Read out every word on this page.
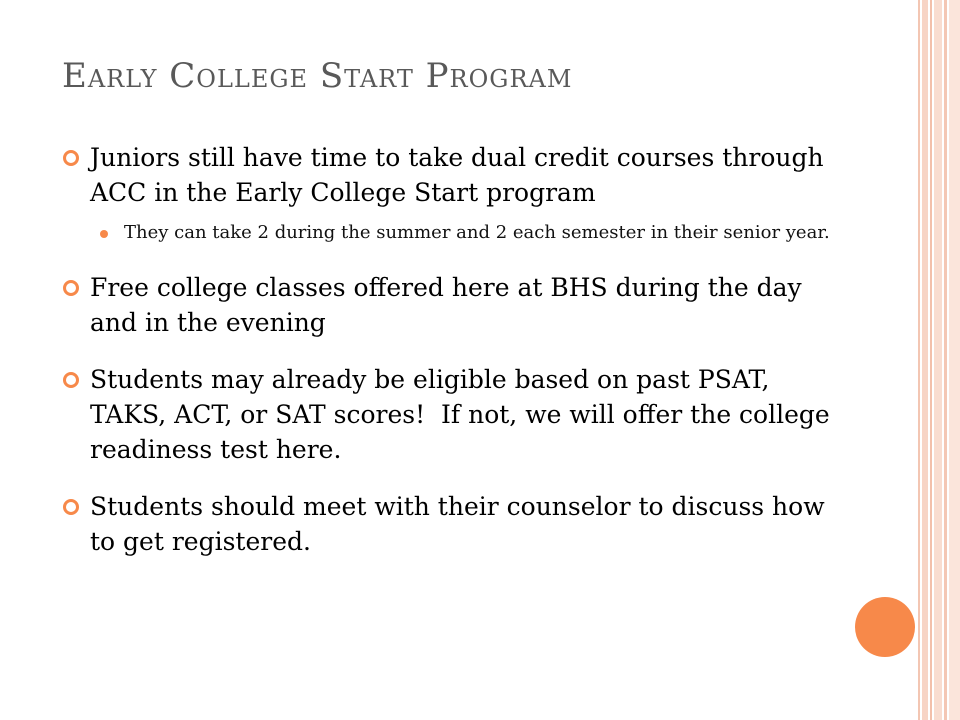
Early College Start Program
Juniors still have time to take dual credit courses through ACC in the Early College Start program
They can take 2 during the summer and 2 each semester in their senior year.
Free college classes offered here at BHS during the day and in the evening
Students may already be eligible based on past PSAT, TAKS, ACT, or SAT scores!  If not, we will offer the college readiness test here.
Students should meet with their counselor to discuss how to get registered.
